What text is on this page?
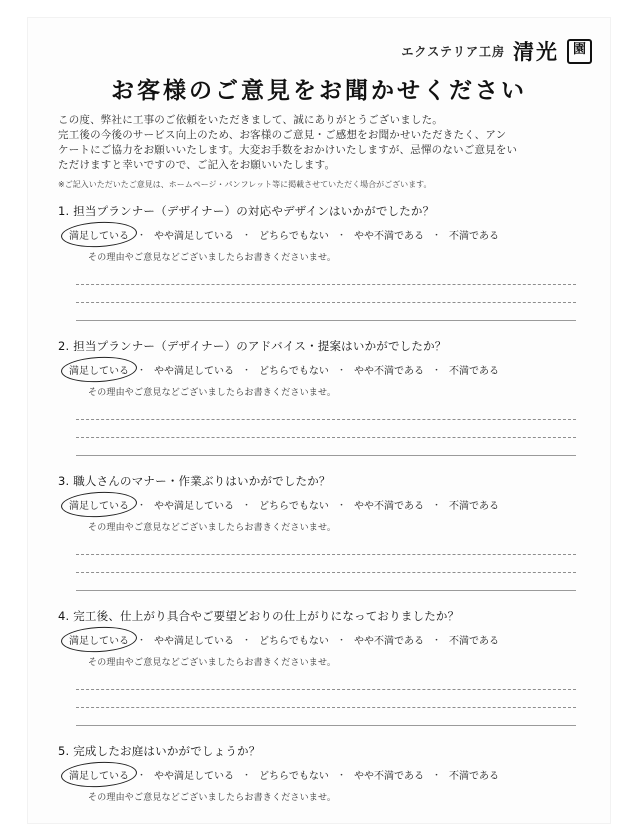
エクステリア工房 清光	園
お客様のご意見をお聞かせください
この度、弊社に工事のご依頼をいただきまして、誠にありがとうございました。
完工後の今後のサービス向上のため、お客様のご意見・ご感想をお聞かせいただきたく、アン
ケートにご協力をお願いいたします。大変お手数をおかけいたしますが、忌憚のないご意見をい
ただけますと幸いですので、ご記入をお願いいたします。
※ご記入いただいたご意見は、ホームページ・パンフレット等に掲載させていただく場合がございます。
1. 担当プランナー（デザイナー）の対応やデザインはいかがでしたか？
満足している ・ やや満足している ・ どちらでもない ・ やや不満である ・ 不満である
その理由やご意見などございましたらお書きくださいませ。
2. 担当プランナー（デザイナー）のアドバイス・提案はいかがでしたか？
満足している ・ やや満足している ・ どちらでもない ・ やや不満である ・ 不満である
その理由やご意見などございましたらお書きくださいませ。
3. 職人さんのマナー・作業ぶりはいかがでしたか？
満足している ・ やや満足している ・ どちらでもない ・ やや不満である ・ 不満である
その理由やご意見などございましたらお書きくださいませ。
4. 完工後、仕上がり具合やご要望どおりの仕上がりになっておりましたか？
満足している ・ やや満足している ・ どちらでもない ・ やや不満である ・ 不満である
その理由やご意見などございましたらお書きくださいませ。
5. 完成したお庭はいかがでしょうか？
満足している ・ やや満足している ・ どちらでもない ・ やや不満である ・ 不満である
その理由やご意見などございましたらお書きくださいませ。
